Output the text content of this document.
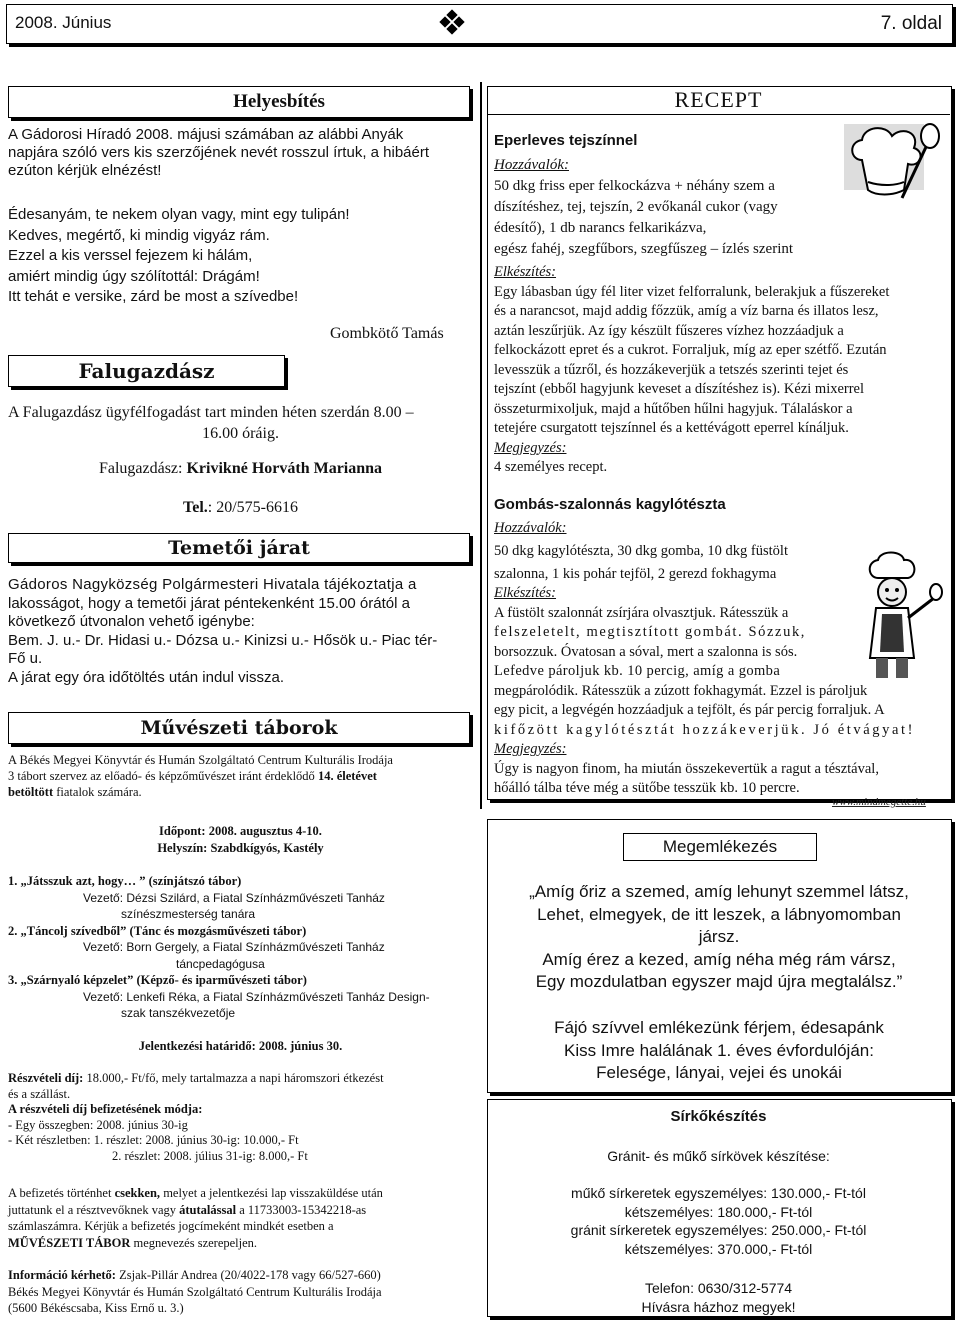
2008. Június	7. oldal
Helyesbítés
A Gádorosi Híradó 2008. májusi számában az alábbi Anyák
napjára szóló vers kis szerzőjének nevét rosszul írtuk, a hibáért
ezúton kérjük elnézést!
Édesanyám, te nekem olyan vagy, mint egy tulipán!
Kedves, megértő, ki mindig vigyáz rám.
Ezzel a kis verssel fejezem ki hálám,
amiért mindig úgy szólítottál: Drágám!
Itt tehát e versike, zárd be most a szívedbe!
Gombkötő Tamás
Falugazdász
A Falugazdász ügyfélfogadást tart minden héten szerdán 8.00 –
16.00 óráig.
Falugazdász: Krivikné Horváth Marianna
Tel.: 20/575-6616
Temetői járat
Gádoros Nagyközség Polgármesteri Hivatala tájékoztatja a
lakosságot, hogy a temetői járat péntekenként 15.00 órától a
következő útvonalon vehető igénybe:
Bem. J. u.- Dr. Hidasi u.- Dózsa u.- Kinizsi u.- Hősök u.- Piac tér-
Fő u.
A járat egy óra időtöltés után indul vissza.
Művészeti táborok
A Békés Megyei Könyvtár és Humán Szolgáltató Centrum Kulturális Irodája
3 tábort szervez az előadó- és képzőművészet iránt érdeklődő 14. életévet
betöltött fiatalok számára.
Időpont: 2008. augusztus 4-10.
Helyszín: Szabdkígyós, Kastély
1. „Játsszuk azt, hogy… ” (színjátszó tábor)
Vezető: Dézsi Szilárd, a Fiatal Színházművészeti Tanház
színészmesterség tanára
2. „Táncolj szívedből” (Tánc és mozgásművészeti tábor)
Vezető: Born Gergely, a Fiatal Színházművészeti Tanház
táncpedagógusa
3. „Szárnyaló képzelet” (Képző- és iparművészeti tábor)
Vezető: Lenkefi Réka, a Fiatal Színházművészeti Tanház Design-
szak tanszékvezetője
Jelentkezési határidő: 2008. június 30.
Részvételi díj: 18.000,- Ft/fő, mely tartalmazza a napi háromszori étkezést
és a szállást.
A részvételi díj befizetésének módja:
- Egy összegben: 2008. június 30-ig
- Két részletben: 1. részlet: 2008. június 30-ig: 10.000,- Ft
2. részlet: 2008. július 31-ig: 8.000,- Ft
A befizetés történhet csekken, melyet a jelentkezési lap visszaküldése után
juttatunk el a résztvevőknek vagy átutalással a 11733003-15342218-as
számlaszámra. Kérjük a befizetés jogcímeként mindkét esetben a
MŰVÉSZETI TÁBOR megnevezés szerepeljen.
Információ kérhető: Zsjak-Pillár Andrea (20/4022-178 vagy 66/527-660)
Békés Megyei Könyvtár és Humán Szolgáltató Centrum Kulturális Irodája
(5600 Békéscsaba, Kiss Ernő u. 3.)
RECEPT
Eperleves tejszínnel
Hozzávalók:
50 dkg friss eper felkockázva + néhány szem a
díszítéshez, tej, tejszín, 2 evőkanál cukor (vagy
édesítő), 1 db narancs felkarikázva,
egész fahéj, szegfűbors, szegfűszeg – ízlés szerint
Elkészítés:
Egy lábasban úgy fél liter vizet felforralunk, belerakjuk a fűszereket
és a narancsot, majd addig főzzük, amíg a víz barna és illatos lesz,
aztán leszűrjük. Az így készült fűszeres vízhez hozzáadjuk a
felkockázott epret és a cukrot. Forraljuk, míg az eper szétfő. Ezután
levesszük a tűzről, és hozzákeverjük a tetszés szerinti tejet és
tejszínt (ebből hagyjunk keveset a díszítéshez is). Kézi mixerrel
összeturmixoljuk, majd a hűtőben hűlni hagyjuk. Tálaláskor a
tetejére csurgatott tejszínnel és a kettévágott eperrel kínáljuk.
Megjegyzés:
4 személyes recept.
Gombás-szalonnás kagylótészta
Hozzávalók:
50 dkg kagylótészta, 30 dkg gomba, 10 dkg füstölt
szalonna, 1 kis pohár tejföl, 2 gerezd fokhagyma
Elkészítés:
A füstölt szalonnát zsírjára olvasztjuk. Rátesszük a
felszeletelt, megtisztított gombát. Sózzuk,
borsozzuk. Óvatosan a sóval, mert a szalonna is sós.
Lefedve pároljuk kb. 10 percig, amíg a gomba
megpárolódik. Rátesszük a zúzott fokhagymát. Ezzel is pároljuk
egy picit, a legvégén hozzáadjuk a tejfölt, és pár percig forraljuk. A
kifőzött kagylótésztát hozzákeverjük. Jó étvágyat!
Megjegyzés:
Úgy is nagyon finom, ha miután összekevertük a ragut a tésztával,
hőálló tálba téve még a sütőbe tesszük kb. 10 percre.
www.mindmegette.hu
Megemlékezés
„Amíg őriz a szemed, amíg lehunyt szemmel látsz,
Lehet, elmegyek, de itt leszek, a lábnyomomban
jársz.
Amíg érez a kezed, amíg néha még rám vársz,
Egy mozdulatban egyszer majd újra megtalálsz.”
Fájó szívvel emlékezünk férjem, édesapánk
Kiss Imre halálának 1. éves évfordulóján:
Felesége, lányai, vejei és unokái
Sírkőkészítés
Gránit- és műkő sírkövek készítése:
műkő sírkeretek egyszemélyes: 130.000,- Ft-tól
kétszemélyes: 180.000,- Ft-tól
gránit sírkeretek egyszemélyes: 250.000,- Ft-tól
kétszemélyes: 370.000,- Ft-tól
Telefon: 0630/312-5774
Hívásra házhoz megyek!
